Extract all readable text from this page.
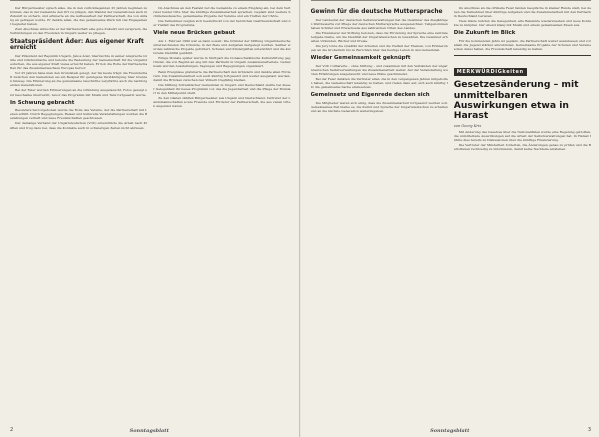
Der Bürgermeister sprach alles, die in den zurückliegenden 25 Jahren beginnen zu können, das in der Gemeinde den Ort zu prägen, den Wandel der Generationen auch in Zukunft zu sichern, und erinnerte an die Aufbauarbeit der Partnerschaft, die von Anfang an getragen wurde. Er dankte allen, die das gemeinsame Werk mit viel Engagement begleitet haben.

Zum Abschluss wünschte er der Partnerschaft eine gute Zukunft und versprach, die Verbindungen zu den Freunden in Ungarn weiter zu pflegen.

Staatspräsident Áder: Aus eigener Kraft erreicht

Der Präsident der Republik Ungarn, János Áder, überreichte in seiner Ansprache Grüße und Glückwünsche und betonte die Bedeutung der Gemeinschaft für die Ungarndeutschen, die aus eigener Kraft vieles erreicht haben. Er hob die Rolle der Partnerschaften für das Zusammenwachsen Europas hervor.

Vor 25 Jahren habe man den Grundstein gelegt, der bis heute trägt; die Freundschaft zwischen den Gemeinden sei ein Beispiel für gelungene Verständigung über Grenzen hinweg. Die Erinnerung an die gemeinsame Geschichte verpflichte auch die nachfolgenden Generationen.

Bei der Feier wurden Erinnerungen an die Gründung ausgetauscht, Fotos gezeigt und Geschenke überreicht, bevor das Programm mit Musik und Tanz fortgesetzt wurde.

In Schwung gebracht

Besonders hervorgehoben wurde die Rolle des Vereins, der die Partnerschaft mit Leben erfüllt. Durch Begegnungen, Reisen und kulturelle Veranstaltungen wurden die Beziehungen vertieft und neue Freundschaften geschlossen.

Der damalige Verband der Ungarndeutschen (VdU) unterstützte die Arbeit nach Kräften und trug dazu bei, dass die Kontakte auch in schwierigen Zeiten nicht abrissen.

Im Anschluss an den Festakt lud die Gemeinde zu einem Empfang ein, bei dem Vertreter beider Orte über die künftige Zusammenarbeit sprachen. Geplant sind weitere Schüleraustausche, gemeinsame Projekte der Vereine und ein Treffen der Chöre.

Die Teilnehmer zeigten sich beeindruckt von der herzlichen Gastfreundschaft und der Vielfalt des Programms.

Viele neue Brücken gebaut

Am 1. Februar 1990 war es dann soweit: Die Gründer der Stiftung Ungarndeutsche unterzeichneten die Urkunde, in der Ziele und Aufgaben festgelegt wurden. Seither wurden zahlreiche Projekte gefördert, Schulen und Kindergärten unterstützt und die kulturelle Identität gestärkt.

Einige Monate später wurde in Stuttgart die Donauschwäbische Kulturstiftung gegründet, die von Beginn an eng mit den Partnern in Ungarn zusammenarbeitete. Gemeinsam wurden Ausstellungen, Tagungen und Begegnungen organisiert.

Beim Ereignisse gratulierte die Partnerschaft den Gründern und dankte allen Förderern. Die Zusammenarbeit soll auch künftig fortgesetzt und weiter ausgebaut werden, damit die Brücken zwischen den Völkern tragfähig bleiben.

Die Stiftung Schwäbischer Gemeinden in Ungarn und Deutschland stellte bei dieser Gelegenheit ihr neues Programm vor, das die Jugendarbeit und die Pflege der Mundart in den Mittelpunkt stellt.

Zu den Gästen zählten Bürgermeister aus Ungarn und Deutschland, Vertreter der Landsmannschaften sowie Freunde und Förderer der Partnerschaft, die aus vielen Orten angereist waren.

2	Sonntagsblatt
Gewinn für die deutsche Muttersprache

Der Landesrat der deutschen Selbstverwaltungen hat die Gewinner des diesjährigen Wettbewerbs zur Pflege der deutschen Muttersprache ausgezeichnet. Teilgenommen haben Schüler und Erwachsene aus zahlreichen Orten des Landes.

Die Finanzierer der Stiftung betonen, dass die Förderung der Sprache eine zentrale Aufgabe bleibe, um die Identität der Ungarndeutschen zu bewahren. Die Gewinner erhielten Urkunden, Bücher und Preise.

Die Jury lobte die Qualität der Arbeiten und die Vielfalt der Themen, von Erinnerungen an die Großeltern bis zu Berichten über das heutige Leben in den Gemeinden.

Wieder Gemeinsamkeit geknüpft

Der VdU rollbarerte – ohne Stiftung – und zusammen mit den Verbänden der ungarndeutschen Selbstverwaltungen die Zusammenarbeit weiter. Auf der Veranstaltung wurden Erfahrungen ausgetauscht und neue Pläne geschmiedet.

Bei der Feier dankten die Vertreter allen, die in den vergangenen Jahren mitgeholfen haben, die Gemeinschaft lebendig zu halten, und riefen dazu auf, sich auch künftig für die gemeinsame Sache einzusetzen.

Gemeinsetz und Eigenrede decken sich

Die Mitglieder waren sich einig, dass die Zusammenarbeit fortgesetzt werden soll. Gemeinsames Ziel bleibe es, die Kultur und Sprache der Ungarndeutschen zu erhalten und an die nächste Generation weiterzugeben.

Im Anschluss an die offizielle Feier fanden Gespräche in kleiner Runde statt, bei denen die Teilnehmer über künftige Aufgaben und die Zusammenarbeit mit den Partnern in Deutschland berieten.

Viele Gäste nutzten die Gelegenheit, alte Bekannte wiederzusehen und neue Kontakte zu knüpfen. Der Abend klang mit Musik und einem gemeinsamen Essen aus.

Die Zukunft im Blick

Für die kommenden Jahre ist geplant, die Partnerschaft weiter auszubauen und vor allem die Jugend stärker einzubinden. Gemeinsame Projekte der Schulen und Vereine sollen dabei helfen, die Freundschaft lebendig zu halten.

MERKWÜRDIGkeiten
Gesetzesänderung – mit unmittelbaren Auswirkungen etwa in Harast
von Georg Krix

Mit Anderung des Gesetzes über die Nationalitäten wurde eine Regelung getroffen, die unmittelbare Auswirkungen auf die Arbeit der Selbstverwaltungen hat. In Harast führte dies bereits zu Diskussionen über die künftige Finanzierung.

Die Vertreter der Minderheit forderten, die Änderungen genau zu prüfen und die Betroffenen rechtzeitig zu informieren, damit keine Nachteile entstehen.

Sonntagsblatt	3
